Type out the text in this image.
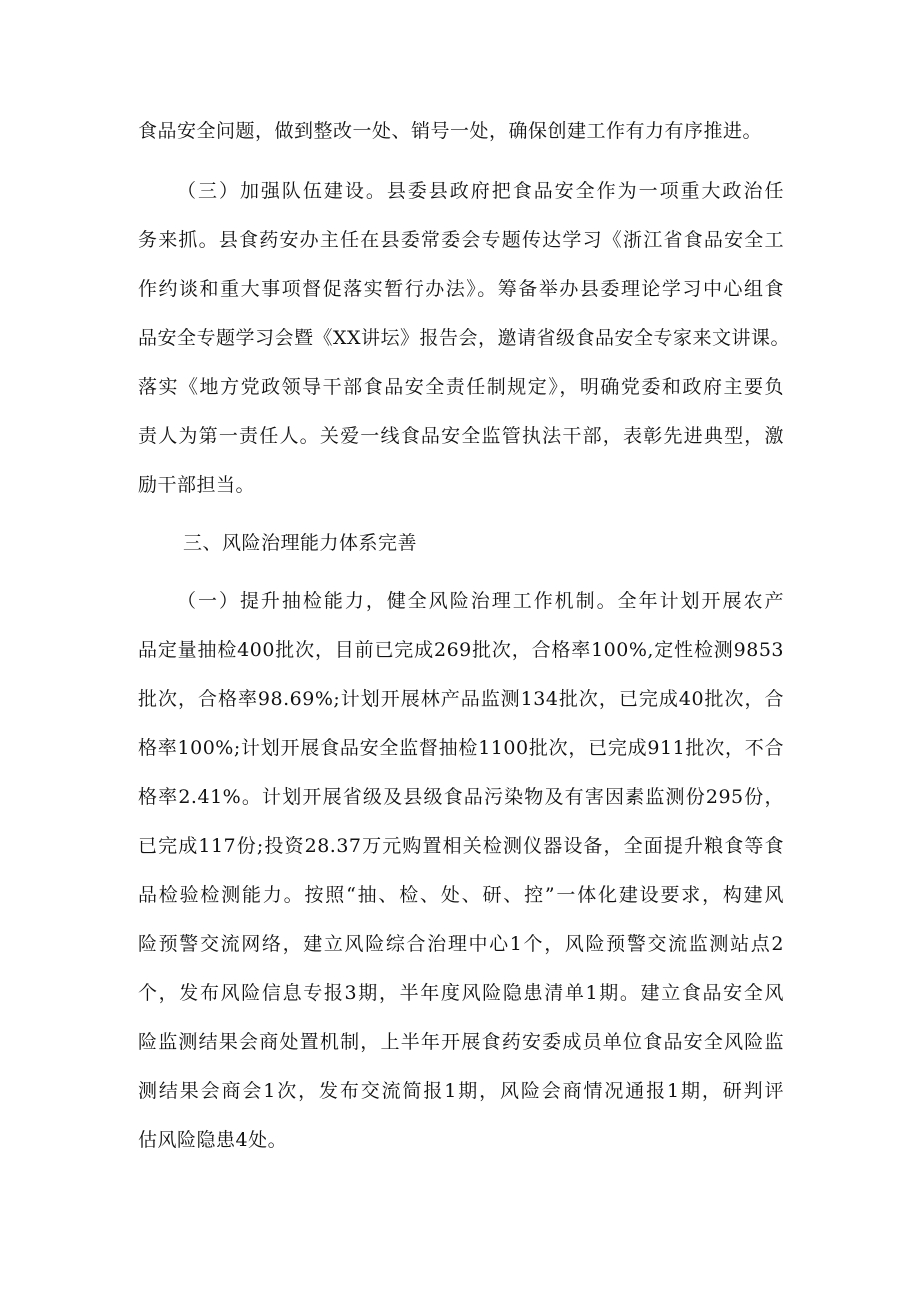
食品安全问题，做到整改一处、销号一处，确保创建工作有力有序推进。
（三）加强队伍建设。县委县政府把食品安全作为一项重大政治任
务来抓。县食药安办主任在县委常委会专题传达学习《浙江省食品安全工
作约谈和重大事项督促落实暂行办法》。筹备举办县委理论学习中心组食
品安全专题学习会暨《XX讲坛》报告会，邀请省级食品安全专家来文讲课。
落实《地方党政领导干部食品安全责任制规定》，明确党委和政府主要负
责人为第一责任人。关爱一线食品安全监管执法干部，表彰先进典型，激
励干部担当。
三、风险治理能力体系完善
（一）提升抽检能力，健全风险治理工作机制。全年计划开展农产
品定量抽检400批次，目前已完成269批次，合格率100%,定性检测9853
批次，合格率98.69%;计划开展林产品监测134批次，已完成40批次，合
格率100%;计划开展食品安全监督抽检1100批次，已完成911批次，不合
格率2.41%。计划开展省级及县级食品污染物及有害因素监测份295份，
已完成117份;投资28.37万元购置相关检测仪器设备，全面提升粮食等食
品检验检测能力。按照“抽、检、处、研、控”一体化建设要求，构建风
险预警交流网络，建立风险综合治理中心1个，风险预警交流监测站点2
个，发布风险信息专报3期，半年度风险隐患清单1期。建立食品安全风
险监测结果会商处置机制，上半年开展食药安委成员单位食品安全风险监
测结果会商会1次，发布交流简报1期，风险会商情况通报1期，研判评
估风险隐患4处。
